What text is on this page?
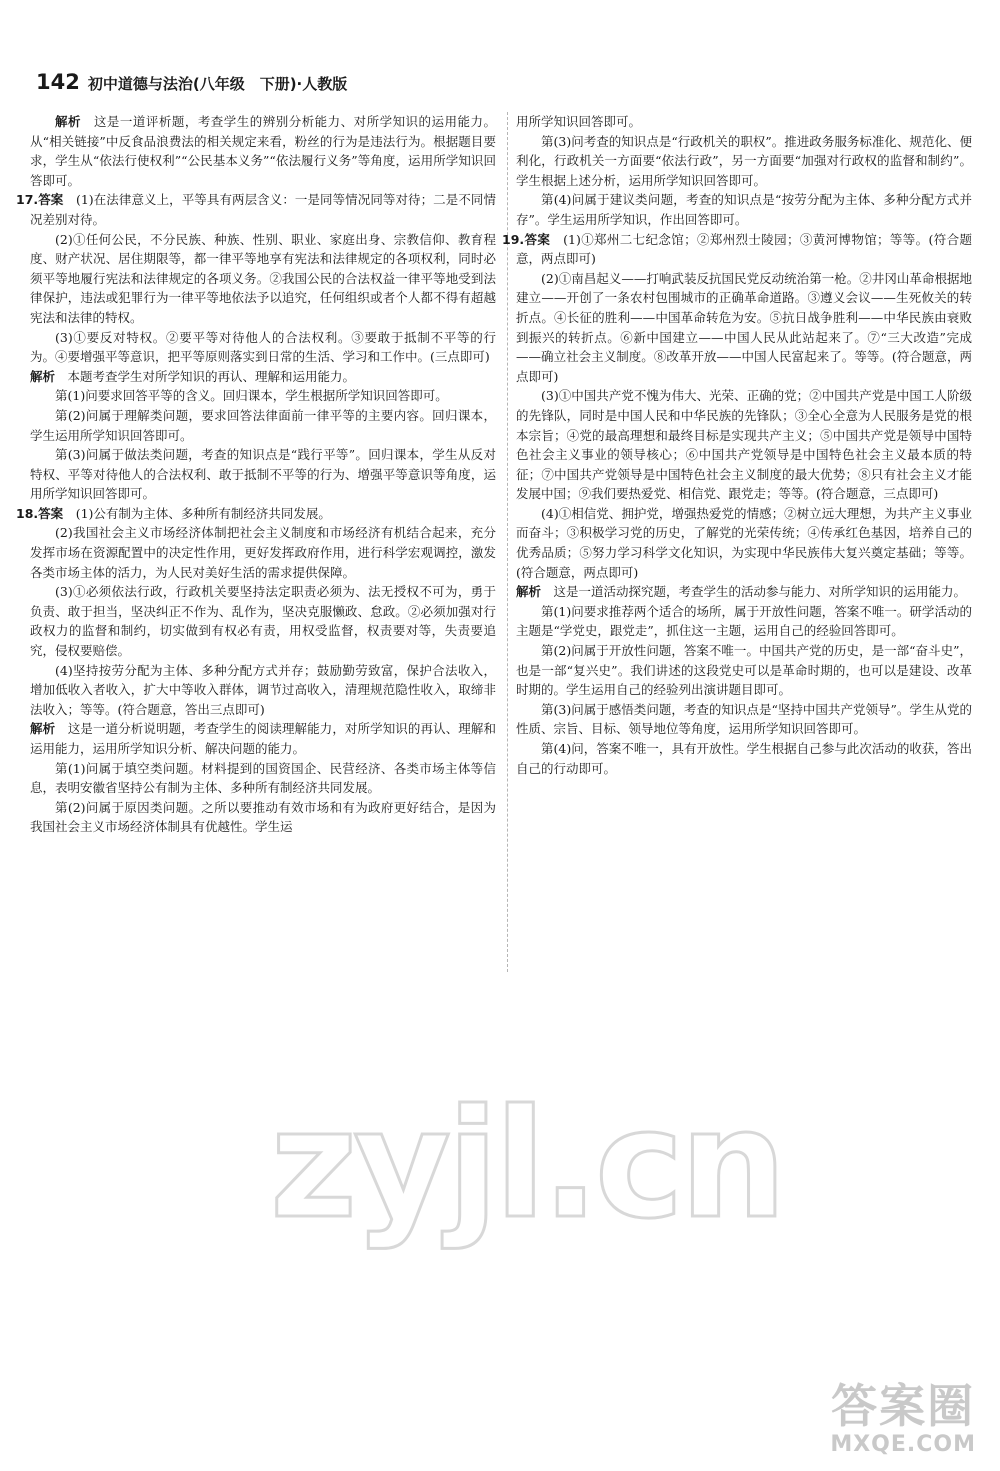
142 初中道德与法治(八年级　下册)·人教版

解析　 这是一道评析题，考查学生的辨别分析能力、对所学知识的运用能力。从“相关链接”中反食品浪费法的相关规定来看，粉丝的行为是违法行为。根据题目要求，学生从“依法行使权利”“公民基本义务”“依法履行义务”等角度，运用所学知识回答即可。

17.答案　 (1)在法律意义上，平等具有两层含义：一是同等情况同等对待；二是不同情况差别对待。

(2)①任何公民，不分民族、种族、性别、职业、家庭出身、宗教信仰、教育程度、财产状况、居住期限等，都一律平等地享有宪法和法律规定的各项权利，同时必须平等地履行宪法和法律规定的各项义务。②我国公民的合法权益一律平等地受到法律保护，违法或犯罪行为一律平等地依法予以追究，任何组织或者个人都不得有超越宪法和法律的特权。

(3)①要反对特权。②要平等对待他人的合法权利。③要敢于抵制不平等的行为。④要增强平等意识，把平等原则落实到日常的生活、学习和工作中。(三点即可)

解析　 本题考查学生对所学知识的再认、理解和运用能力。

第(1)问要求回答平等的含义。回归课本，学生根据所学知识回答即可。

第(2)问属于理解类问题，要求回答法律面前一律平等的主要内容。回归课本，学生运用所学知识回答即可。

第(3)问属于做法类问题，考查的知识点是“践行平等”。回归课本，学生从反对特权、平等对待他人的合法权利、敢于抵制不平等的行为、增强平等意识等角度，运用所学知识回答即可。

18.答案　 (1)公有制为主体、多种所有制经济共同发展。

(2)我国社会主义市场经济体制把社会主义制度和市场经济有机结合起来，充分发挥市场在资源配置中的决定性作用，更好发挥政府作用，进行科学宏观调控，激发各类市场主体的活力，为人民对美好生活的需求提供保障。

(3)①必须依法行政，行政机关要坚持法定职责必须为、法无授权不可为，勇于负责、敢于担当，坚决纠正不作为、乱作为，坚决克服懒政、怠政。②必须加强对行政权力的监督和制约，切实做到有权必有责，用权受监督，权责要对等，失责要追究，侵权要赔偿。

(4)坚持按劳分配为主体、多种分配方式并存；鼓励勤劳致富，保护合法收入，增加低收入者收入，扩大中等收入群体，调节过高收入，清理规范隐性收入，取缔非法收入；等等。(符合题意，答出三点即可)

解析　 这是一道分析说明题，考查学生的阅读理解能力，对所学知识的再认、理解和运用能力，运用所学知识分析、解决问题的能力。

第(1)问属于填空类问题。材料提到的国资国企、民营经济、各类市场主体等信息，表明安徽省坚持公有制为主体、多种所有制经济共同发展。

第(2)问属于原因类问题。之所以要推动有效市场和有为政府更好结合，是因为我国社会主义市场经济体制具有优越性。学生运

用所学知识回答即可。

第(3)问考查的知识点是“行政机关的职权”。推进政务服务标准化、规范化、便利化，行政机关一方面要“依法行政”，另一方面要“加强对行政权的监督和制约”。学生根据上述分析，运用所学知识回答即可。

第(4)问属于建议类问题，考查的知识点是“按劳分配为主体、多种分配方式并存”。学生运用所学知识，作出回答即可。

19.答案　 (1)①郑州二七纪念馆；②郑州烈士陵园；③黄河博物馆；等等。(符合题意，两点即可)

(2)①南昌起义——打响武装反抗国民党反动统治第一枪。②井冈山革命根据地建立——开创了一条农村包围城市的正确革命道路。③遵义会议——生死攸关的转折点。④长征的胜利——中国革命转危为安。⑤抗日战争胜利——中华民族由衰败到振兴的转折点。⑥新中国建立——中国人民从此站起来了。⑦“三大改造”完成——确立社会主义制度。⑧改革开放——中国人民富起来了。等等。(符合题意，两点即可)

(3)①中国共产党不愧为伟大、光荣、正确的党；②中国共产党是中国工人阶级的先锋队，同时是中国人民和中华民族的先锋队；③全心全意为人民服务是党的根本宗旨；④党的最高理想和最终目标是实现共产主义；⑤中国共产党是领导中国特色社会主义事业的领导核心；⑥中国共产党领导是中国特色社会主义最本质的特征；⑦中国共产党领导是中国特色社会主义制度的最大优势；⑧只有社会主义才能发展中国；⑨我们要热爱党、相信党、跟党走；等等。(符合题意，三点即可)

(4)①相信党、拥护党，增强热爱党的情感；②树立远大理想，为共产主义事业而奋斗；③积极学习党的历史，了解党的光荣传统；④传承红色基因，培养自己的优秀品质；⑤努力学习科学文化知识，为实现中华民族伟大复兴奠定基础；等等。(符合题意，两点即可)

解析　 这是一道活动探究题，考查学生的活动参与能力、对所学知识的运用能力。

第(1)问要求推荐两个适合的场所，属于开放性问题，答案不唯一。研学活动的主题是“学党史，跟党走”，抓住这一主题，运用自己的经验回答即可。

第(2)问属于开放性问题，答案不唯一。中国共产党的历史，是一部“奋斗史”，也是一部“复兴史”。我们讲述的这段党史可以是革命时期的，也可以是建设、改革时期的。学生运用自己的经验列出演讲题目即可。

第(3)问属于感悟类问题，考查的知识点是“坚持中国共产党领导”。学生从党的性质、宗旨、目标、领导地位等角度，运用所学知识回答即可。

第(4)问，答案不唯一，具有开放性。学生根据自己参与此次活动的收获，答出自己的行动即可。

zyjl.cn
答案圈
MXQE.COM
